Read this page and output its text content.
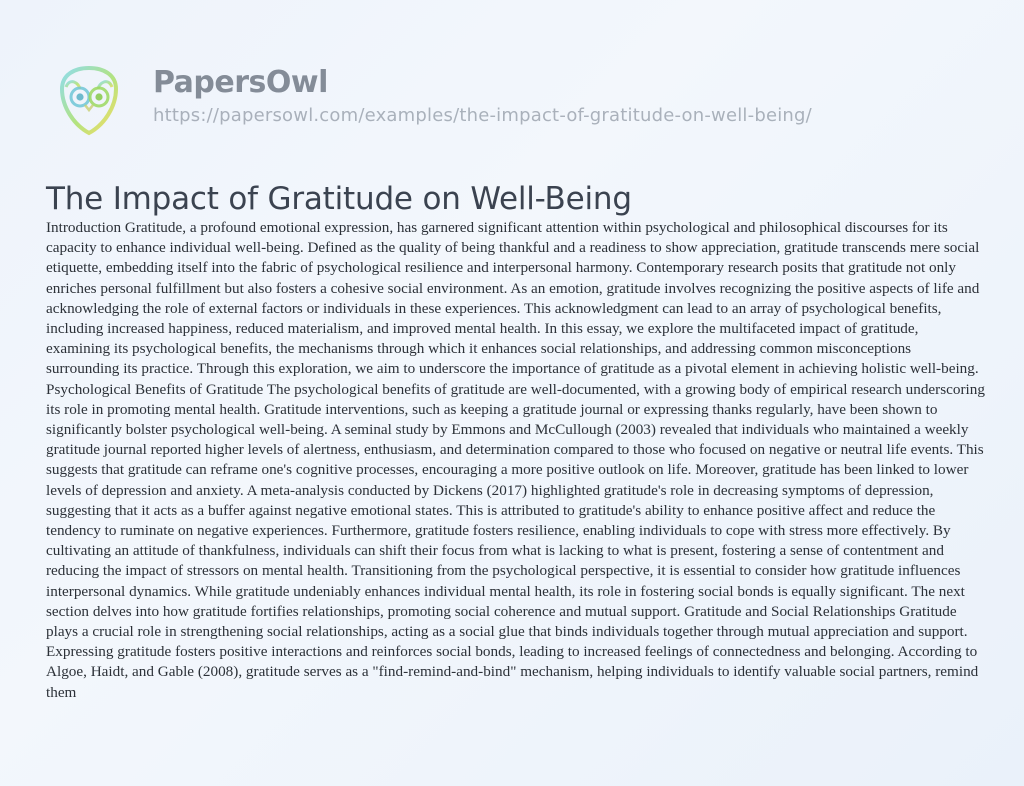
PapersOwl
https://papersowl.com/examples/the-impact-of-gratitude-on-well-being/
The Impact of Gratitude on Well-Being

Introduction Gratitude, a profound emotional expression, has garnered significant attention within psychological and philosophical discourses for its capacity to enhance individual well-being. Defined as the quality of being thankful and a readiness to show appreciation, gratitude transcends mere social etiquette, embedding itself into the fabric of psychological resilience and interpersonal harmony. Contemporary research posits that gratitude not only enriches personal fulfillment but also fosters a cohesive social environment. As an emotion, gratitude involves recognizing the positive aspects of life and acknowledging the role of external factors or individuals in these experiences. This acknowledgment can lead to an array of psychological benefits, including increased happiness, reduced materialism, and improved mental health. In this essay, we explore the multifaceted impact of gratitude, examining its psychological benefits, the mechanisms through which it enhances social relationships, and addressing common misconceptions surrounding its practice. Through this exploration, we aim to underscore the importance of gratitude as a pivotal element in achieving holistic well-being. Psychological Benefits of Gratitude The psychological benefits of gratitude are well-documented, with a growing body of empirical research underscoring its role in promoting mental health. Gratitude interventions, such as keeping a gratitude journal or expressing thanks regularly, have been shown to significantly bolster psychological well-being. A seminal study by Emmons and McCullough (2003) revealed that individuals who maintained a weekly gratitude journal reported higher levels of alertness, enthusiasm, and determination compared to those who focused on negative or neutral life events. This suggests that gratitude can reframe one's cognitive processes, encouraging a more positive outlook on life. Moreover, gratitude has been linked to lower levels of depression and anxiety. A meta-analysis conducted by Dickens (2017) highlighted gratitude's role in decreasing symptoms of depression, suggesting that it acts as a buffer against negative emotional states. This is attributed to gratitude's ability to enhance positive affect and reduce the tendency to ruminate on negative experiences. Furthermore, gratitude fosters resilience, enabling individuals to cope with stress more effectively. By cultivating an attitude of thankfulness, individuals can shift their focus from what is lacking to what is present, fostering a sense of contentment and reducing the impact of stressors on mental health. Transitioning from the psychological perspective, it is essential to consider how gratitude influences interpersonal dynamics. While gratitude undeniably enhances individual mental health, its role in fostering social bonds is equally significant. The next section delves into how gratitude fortifies relationships, promoting social coherence and mutual support. Gratitude and Social Relationships Gratitude plays a crucial role in strengthening social relationships, acting as a social glue that binds individuals together through mutual appreciation and support. Expressing gratitude fosters positive interactions and reinforces social bonds, leading to increased feelings of connectedness and belonging. According to Algoe, Haidt, and Gable (2008), gratitude serves as a "find-remind-and-bind" mechanism, helping individuals to identify valuable social partners, remind them
